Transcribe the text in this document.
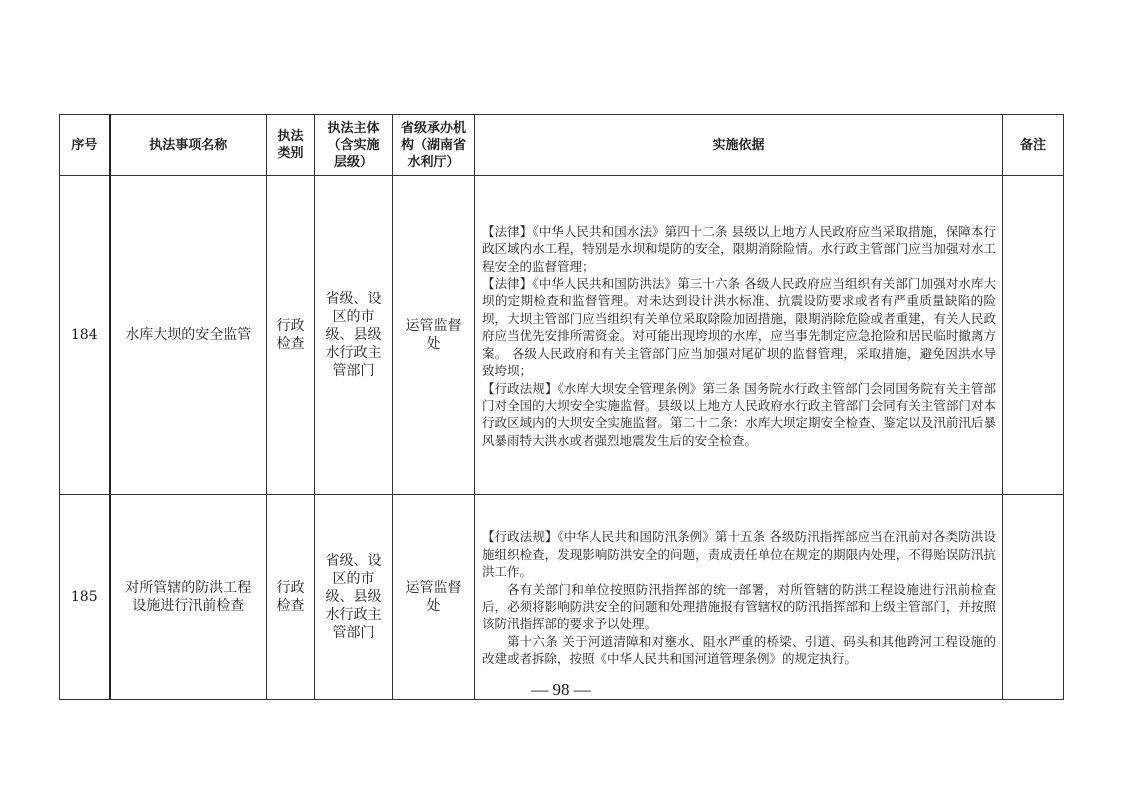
序号	执法事项名称	执法类别	执法主体（含实施层级）	省级承办机构（湖南省水利厅）	实施依据	备注
184	水库大坝的安全监管	行政检查	省级、设区的市级、县级水行政主管部门	运管监督处	【法律】《中华人民共和国水法》第四十二条 县级以上地方人民政府应当采取措施，保障本行政区域内水工程，特别是水坝和堤防的安全，限期消除险情。水行政主管部门应当加强对水工程安全的监督管理；

【法律】《中华人民共和国防洪法》第三十六条 各级人民政府应当组织有关部门加强对水库大坝的定期检查和监督管理。对未达到设计洪水标准、抗震设防要求或者有严重质量缺陷的险坝，大坝主管部门应当组织有关单位采取除险加固措施，限期消除危险或者重建，有关人民政府应当优先安排所需资金。对可能出现垮坝的水库，应当事先制定应急抢险和居民临时撤离方案。 各级人民政府和有关主管部门应当加强对尾矿坝的监督管理，采取措施，避免因洪水导致垮坝；

【行政法规】《水库大坝安全管理条例》第三条 国务院水行政主管部门会同国务院有关主管部门对全国的大坝安全实施监督。县级以上地方人民政府水行政主管部门会同有关主管部门对本行政区域内的大坝安全实施监督。第二十二条：水库大坝定期安全检查、鉴定以及汛前汛后暴风暴雨特大洪水或者强烈地震发生后的安全检查。	

185	对所管辖的防洪工程设施进行汛前检查	行政检查	省级、设区的市级、县级水行政主管部门	运管监督处	【行政法规】《中华人民共和国防汛条例》第十五条 各级防汛指挥部应当在汛前对各类防洪设施组织检查，发现影响防洪安全的问题，责成责任单位在规定的期限内处理，不得贻误防汛抗洪工作。

各有关部门和单位按照防汛指挥部的统一部署，对所管辖的防洪工程设施进行汛前检查后，必须将影响防洪安全的问题和处理措施报有管辖权的防汛指挥部和上级主管部门，并按照该防汛指挥部的要求予以处理。

第十六条 关于河道清障和对壅水、阻水严重的桥梁、引道、码头和其他跨河工程设施的改建或者拆除，按照《中华人民共和国河道管理条例》的规定执行。	

— 98 —
